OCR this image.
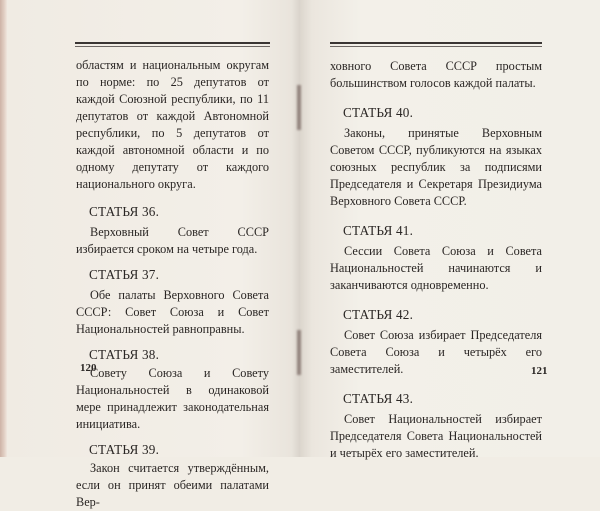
областям и национальным округам по норме: по 25 депутатов от каждой Союзной республики, по 11 депутатов от каждой Автономной республики, по 5 депутатов от каждой автономной области и по одному депутату от каждого национального округа.

СТАТЬЯ 36.

Верховный Совет СССР избирается сроком на четыре года.

СТАТЬЯ 37.

Обе палаты Верховного Совета СССР: Совет Союза и Совет Национальностей равноправны.

СТАТЬЯ 38.

Совету Союза и Совету Национальностей в одинаковой мере принадлежит законодательная инициатива.

СТАТЬЯ 39.

Закон считается утверждённым, если он принят обеими палатами Вер-

120

ховного Совета СССР простым большинством голосов каждой палаты.

СТАТЬЯ 40.

Законы, принятые Верховным Советом СССР, публикуются на языках союзных республик за подписями Председателя и Секретаря Президиума Верховного Совета СССР.

СТАТЬЯ 41.

Сессии Совета Союза и Совета Национальностей начинаются и заканчиваются одновременно.

СТАТЬЯ 42.

Совет Союза избирает Председателя Совета Союза и четырёх его заместителей.

СТАТЬЯ 43.

Совет Национальностей избирает Председателя Совета Национальностей и четырёх его заместителей.

121
